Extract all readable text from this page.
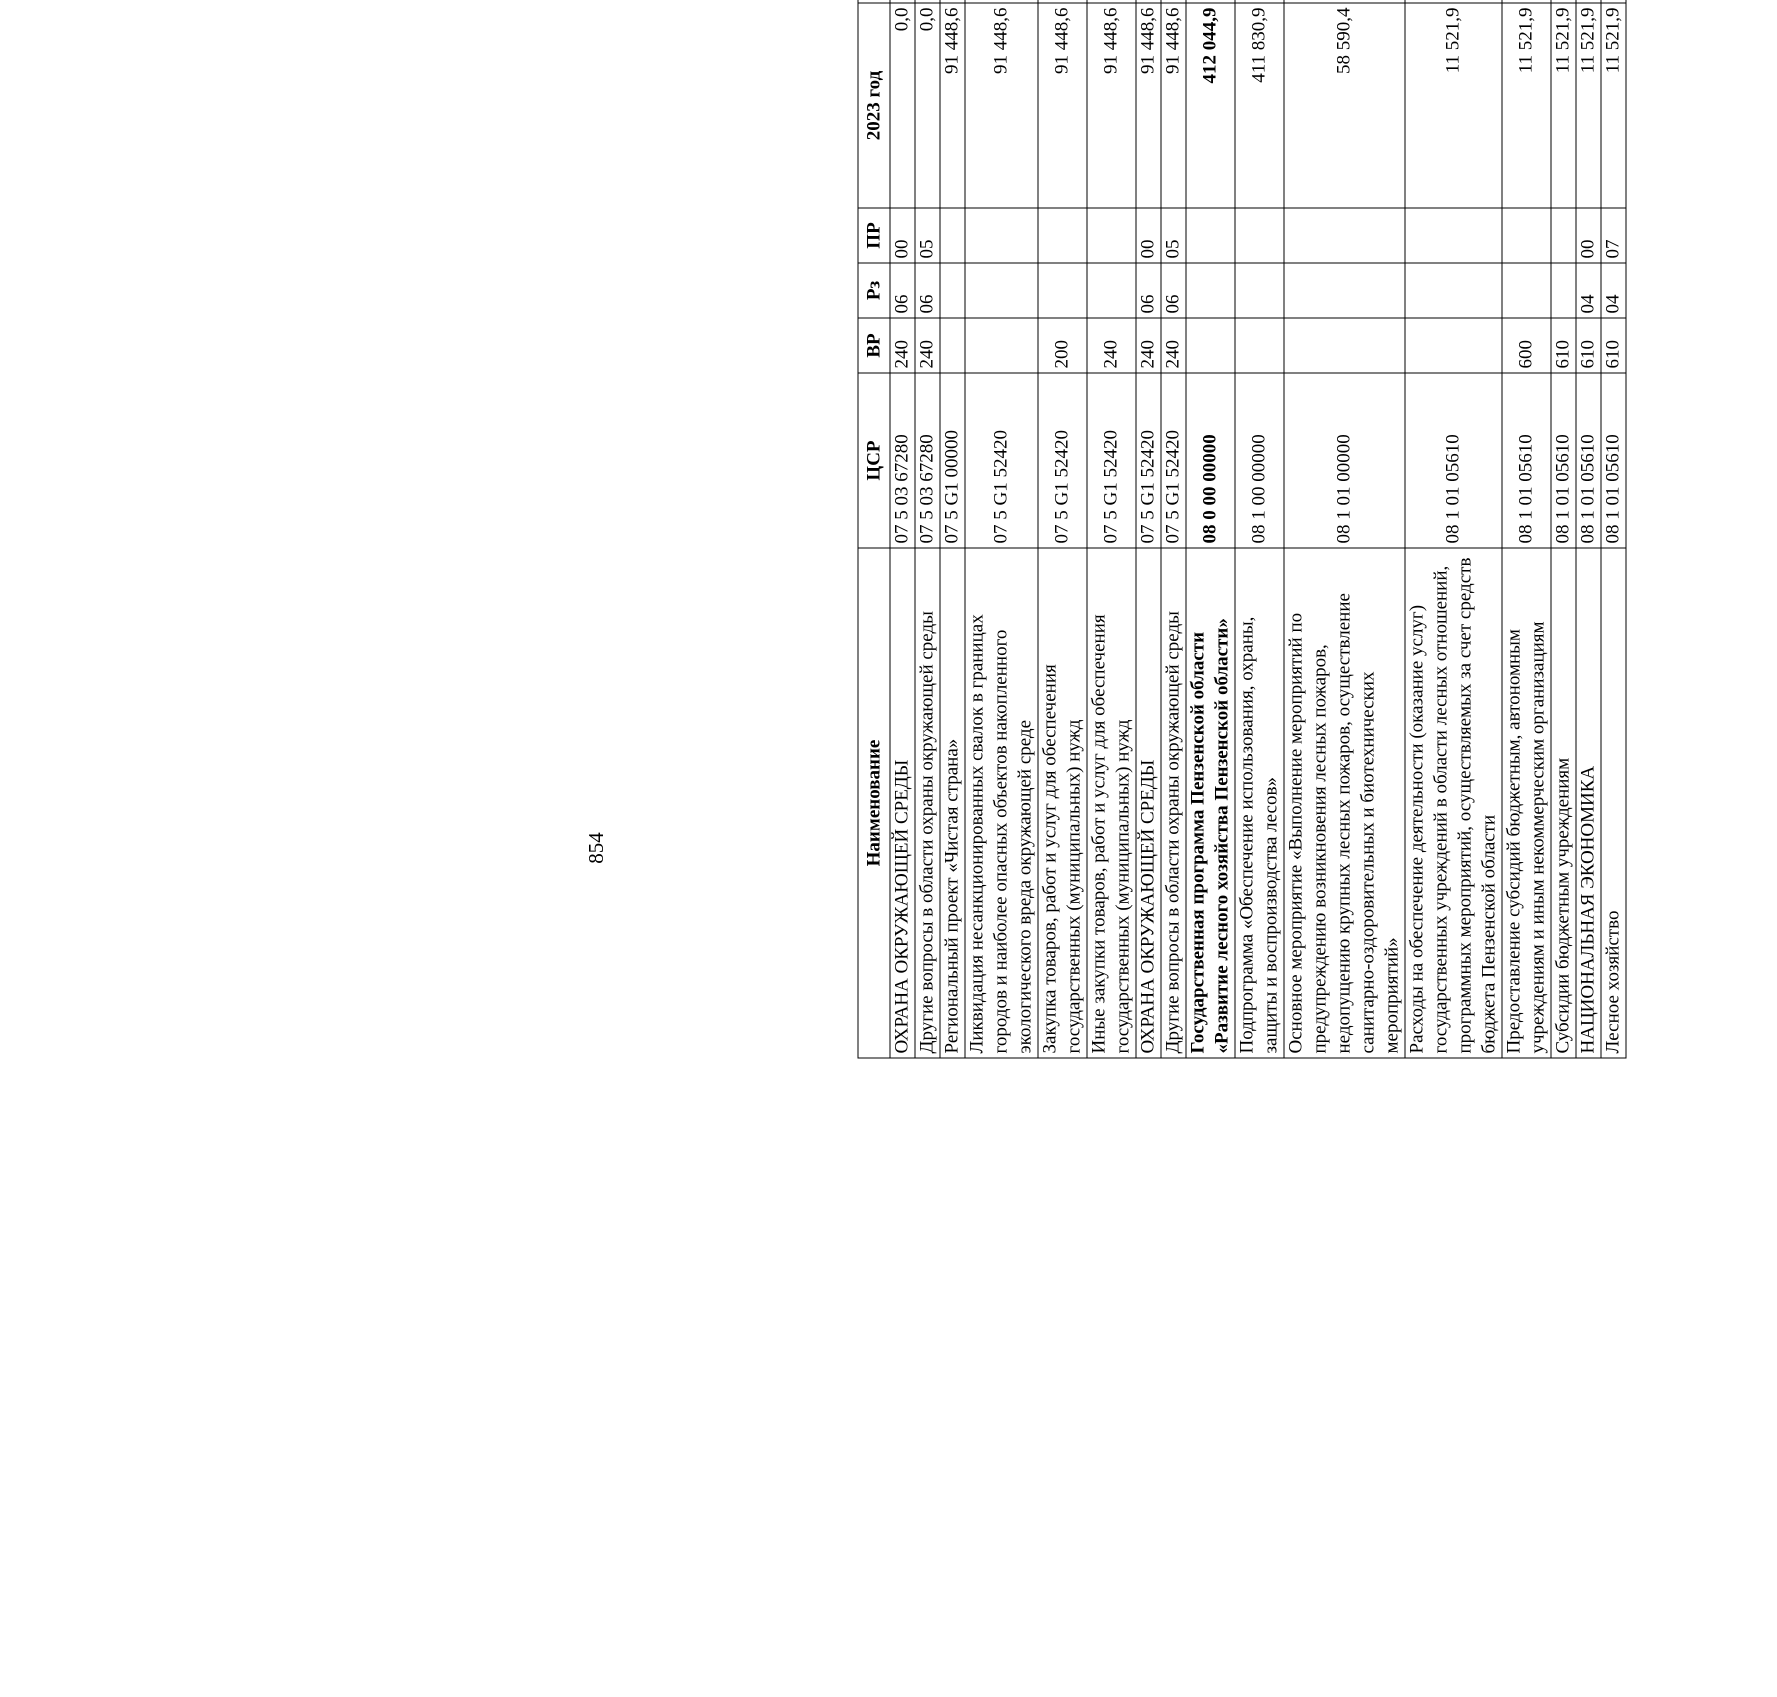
854	Наименование	ЦСР	ВР	Рз	ПР	2023 год		
ОХРАНА ОКРУЖАЮЩЕЙ СРЕДЫ	07 5 03 67280	240	06	00	0,0		
Другие вопросы в области охраны окружающей среды	07 5 03 67280	240	06	05	0,0		
Региональный проект «Чистая страна»	07 5 G1 00000				91 448,6		
Ликвидация несанкционированных свалок в границах городов и наиболее опасных объектов накопленного экологического вреда окружающей среде	07 5 G1 52420				91 448,6		
Закупка товаров, работ и услуг для обеспечения государственных (муниципальных) нужд	07 5 G1 52420	200			91 448,6		
Иные закупки товаров, работ и услуг для обеспечения государственных (муниципальных) нужд	07 5 G1 52420	240			91 448,6		
ОХРАНА ОКРУЖАЮЩЕЙ СРЕДЫ	07 5 G1 52420	240	06	00	91 448,6		
Другие вопросы в области охраны окружающей среды	07 5 G1 52420	240	06	05	91 448,6		
Государственная программа Пензенской области «Развитие лесного хозяйства Пензенской области»	08 0 00 00000				412 044,9		
Подпрограмма «Обеспечение использования, охраны, защиты и воспроизводства лесов»	08 1 00 00000				411 830,9		
Основное мероприятие «Выполнение мероприятий по предупреждению возникновения лесных пожаров, недопущению крупных лесных пожаров, осуществление санитарно-оздоровительных и биотехнических мероприятий»	08 1 01 00000				58 590,4		
Расходы на обеспечение деятельности (оказание услуг) государственных учреждений в области лесных отношений, программных мероприятий, осуществляемых за счет средств бюджета Пензенской области	08 1 01 05610				11 521,9		
Предоставление субсидий бюджетным, автономным учреждениям и иным некоммерческим организациям	08 1 01 05610	600			11 521,9		
Субсидии бюджетным учреждениям	08 1 01 05610	610			11 521,9		
НАЦИОНАЛЬНАЯ ЭКОНОМИКА	08 1 01 05610	610	04	00	11 521,9		
Лесное хозяйство	08 1 01 05610	610	04	07	11 521,9		
